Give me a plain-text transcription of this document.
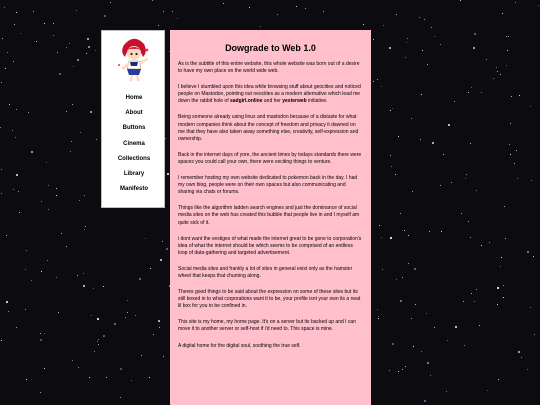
Home
About
Buttons
Cinema
Collections
Library
Manifesto
Dowgrade to Web 1.0

As is the subtitle of this entire website, this whole website was born out of a desire to have my own place on the world wide web.

I believe I stumbled upon this idea while browsing stuff about geocities and noticed people on Mastodon, pointing out neocities as a modern alternative which lead me down the rabbit hole of sadgirl.online and her yesterweb initiative.

Being someone already using linux and mastodon because of a distaste for what modern companies think about the concept of freedom and privacy it dawned on me that they have also taken away something else, creativity, self-expression and ownership.

Back in the internet days of yore, the ancient times by todays standards there were spaces you could call your own, there were exciting things to venture.

I remember hosting my own website dedicated to pokemon back in the day. I had my own blog, people were on their own spaces but also communicating and sharing via chats or forums.

Things like the algorithm ladden search engines and just the dominance of social media sites on the web has created this bubble that people live in and I myself am quite sick of it.

i dont want the vestiges of what made the internet great to be gone to corporation's idea of what the internet should be which seems to be comprised of an endless loop of data-gathering and targeted advertisement.

Social media sites and frankly a lot of sites in general exist only as the hamster wheel that keeps that churning along.

Theres good things to be said about the expression on some of these sites but its still boxed in to what corporations want it to be, your profile isnt your own its a neat lil box for you to be confined in.

This site is my home, my home page. It's on a server but its backed up and I can move it to another server or self-host if i'd need to. This space is mine.

A digital home for the digital soul, soothing the true self.
